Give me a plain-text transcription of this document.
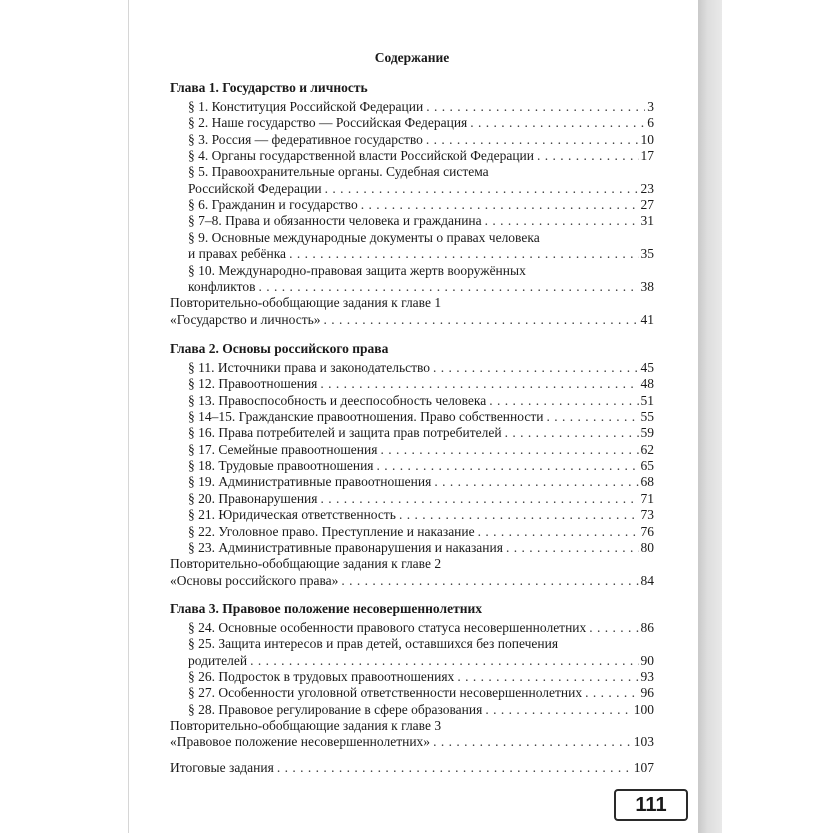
Содержание
Глава 1. Государство и личность
§ 1. Конституция Российской Федерации . . .	3
§ 2. Наше государство — Российская Федерация . . .	6
§ 3. Россия — федеративное государство . . .	10
§ 4. Органы государственной власти Российской Федерации . . .	17
§ 5. Правоохранительные органы. Судебная система
Российской Федерации . . .	23
§ 6. Гражданин и государство . . .	27
§ 7–8. Права и обязанности человека и гражданина . . .	31
§ 9. Основные международные документы о правах человека
и правах ребёнка . . .	35
§ 10. Международно-правовая защита жертв вооружённых
конфликтов . . .	38
Повторительно-обобщающие задания к главе 1
«Государство и личность» . . .	41
Глава 2. Основы российского права
§ 11. Источники права и законодательство . . .	45
§ 12. Правоотношения . . .	48
§ 13. Правоспособность и дееспособность человека . . .	51
§ 14–15. Гражданские правоотношения. Право собственности . . .	55
§ 16. Права потребителей и защита прав потребителей . . .	59
§ 17. Семейные правоотношения . . .	62
§ 18. Трудовые правоотношения . . .	65
§ 19. Административные правоотношения . . .	68
§ 20. Правонарушения . . .	71
§ 21. Юридическая ответственность . . .	73
§ 22. Уголовное право. Преступление и наказание . . .	76
§ 23. Административные правонарушения и наказания . . .	80
Повторительно-обобщающие задания к главе 2
«Основы российского права» . . .	84
Глава 3. Правовое положение несовершеннолетних
§ 24. Основные особенности правового статуса несовершеннолетних . . .	86
§ 25. Защита интересов и прав детей, оставшихся без попечения
родителей . . .	90
§ 26. Подросток в трудовых правоотношениях . . .	93
§ 27. Особенности уголовной ответственности несовершеннолетних . . .	96
§ 28. Правовое регулирование в сфере образования . . .	100
Повторительно-обобщающие задания к главе 3
«Правовое положение несовершеннолетних» . . .	103
Итоговые задания . . .	107
111
